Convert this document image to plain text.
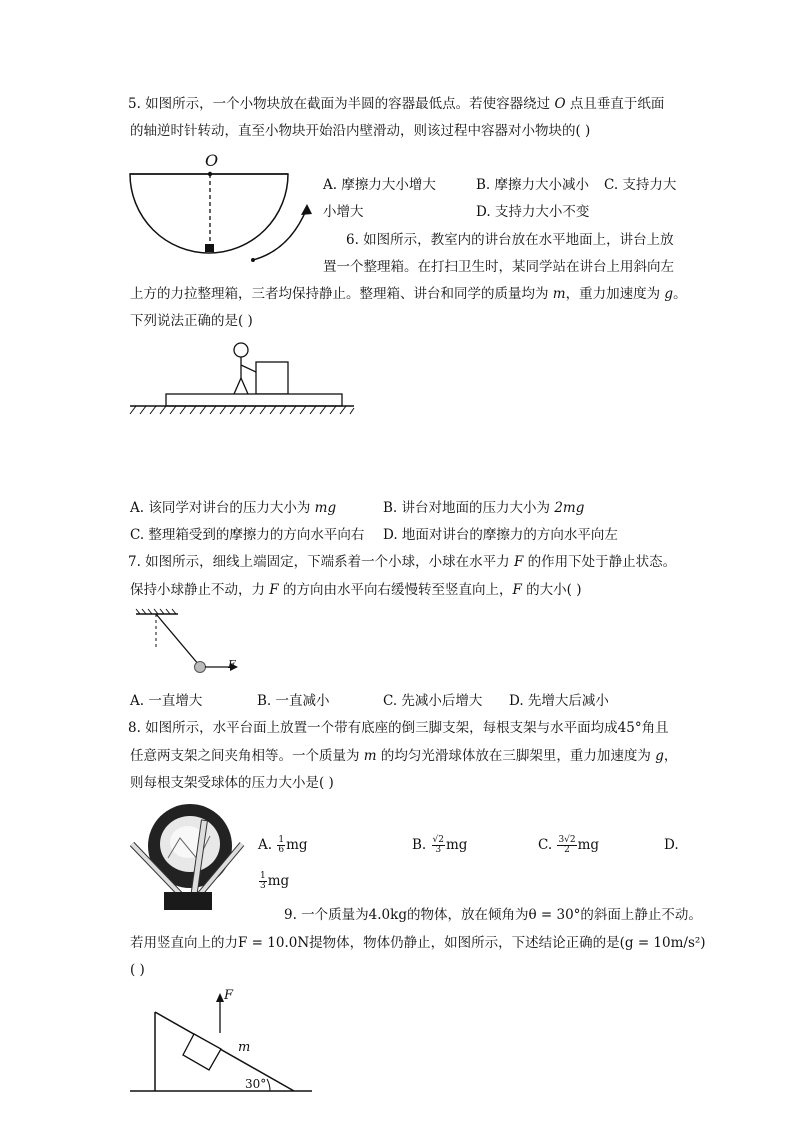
5. 如图所示，一个小物块放在截面为半圆的容器最低点。若使容器绕过 O 点且垂直于纸面
的轴逆时针转动，直至小物块开始沿内壁滑动，则该过程中容器对小物块的( )
O
A. 摩擦力大小增大	B. 摩擦力大小减小 C. 支持力大
小增大	D. 支持力大小不变
6. 如图所示，教室内的讲台放在水平地面上，讲台上放
置一个整理箱。在打扫卫生时，某同学站在讲台上用斜向左
上方的力拉整理箱，三者均保持静止。整理箱、讲台和同学的质量均为 m，重力加速度为 g。
下列说法正确的是( )
A. 该同学对讲台的压力大小为 mg	B. 讲台对地面的压力大小为 2mg
C. 整理箱受到的摩擦力的方向水平向右 D. 地面对讲台的摩擦力的方向水平向左
7. 如图所示，细线上端固定，下端系着一个小球，小球在水平力 F 的作用下处于静止状态。
保持小球静止不动，力 F 的方向由水平向右缓慢转至竖直向上，F 的大小( )
F
A. 一直增大	B. 一直减小	C. 先减小后增大 D. 先增大后减小
8. 如图所示，水平台面上放置一个带有底座的倒三脚支架，每根支架与水平面均成45°角且
任意两支架之间夹角相等。一个质量为 m 的均匀光滑球体放在三脚架里，重力加速度为 g，
则每根支架受球体的压力大小是( )
A. $\frac{1}{6}$ mg	B. $\frac{√2}{3}$ mg	C. $\frac{3√2}{2}$ mg	D.
$\frac{1}{3}$ mg
9. 一个质量为4.0kg的物体，放在倾角为θ = 30°的斜面上静止不动。
若用竖直向上的力F = 10.0N提物体，物体仍静止，如图所示，下述结论正确的是(g = 10m/s²)
( )
F
m
30°
